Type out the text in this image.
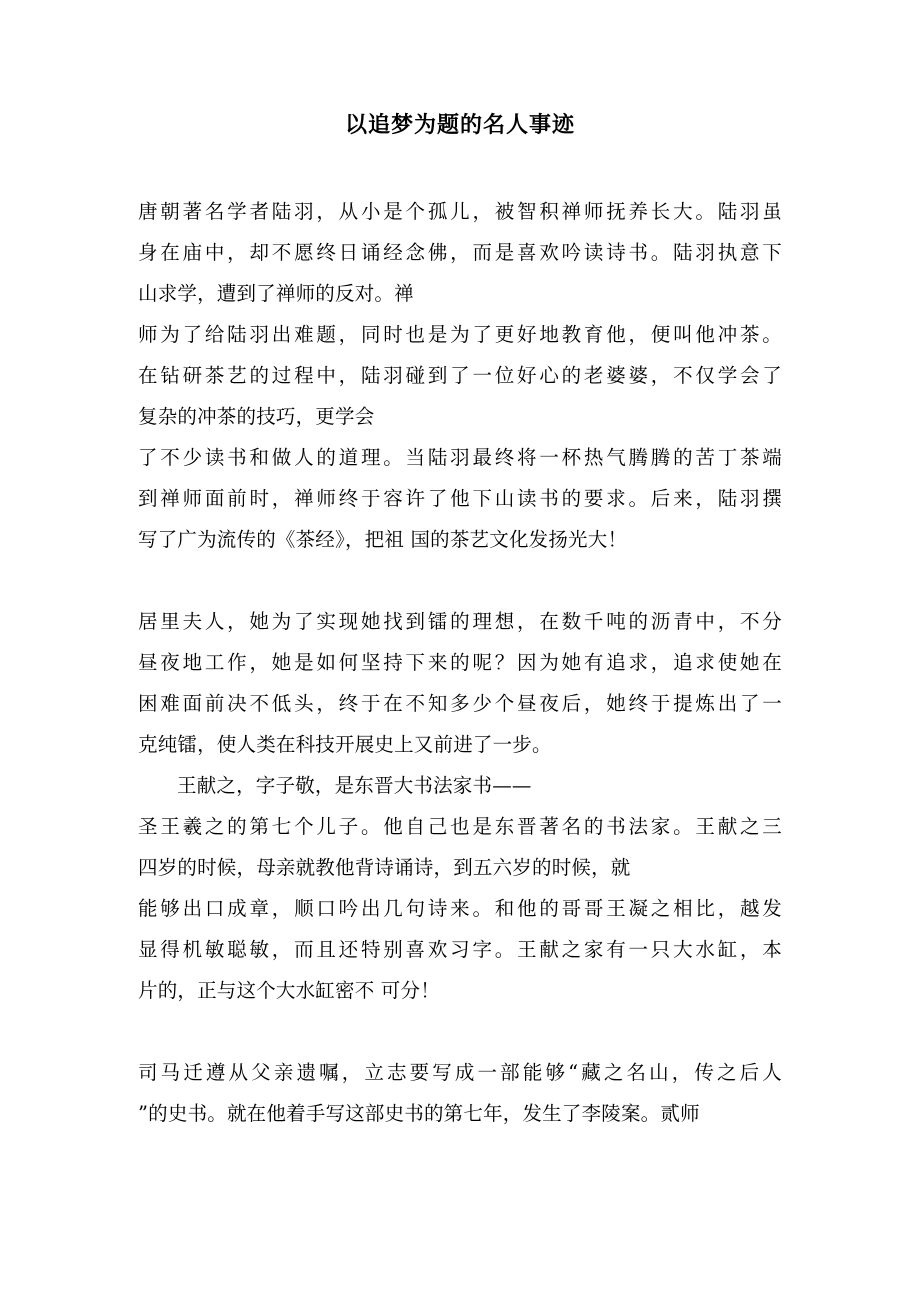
以追梦为题的名人事迹

唐朝著名学者陆羽，从小是个孤儿，被智积禅师抚养长大。陆羽虽 身在庙中，却不愿终日诵经念佛，而是喜欢吟读诗书。陆羽执意下 山求学，遭到了禅师的反对。禅
师为了给陆羽出难题，同时也是为了更好地教育他，便叫他冲茶。 在钻研茶艺的过程中，陆羽碰到了一位好心的老婆婆，不仅学会了 复杂的冲茶的技巧，更学会
了不少读书和做人的道理。当陆羽最终将一杯热气腾腾的苦丁茶端 到禅师面前时，禅师终于容许了他下山读书的要求。后来，陆羽撰 写了广为流传的《茶经》，把祖 国的茶艺文化发扬光大！

居里夫人，她为了实现她找到镭的理想，在数千吨的沥青中，不分 昼夜地工作，她是如何坚持下来的呢？因为她有追求，追求使她在 困难面前决不低头，终于在不知多少个昼夜后，她终于提炼出了一 克纯镭，使人类在科技开展史上又前进了一步。

王献之，字子敬，是东晋大书法家书——

圣王羲之的第七个儿子。他自己也是东晋著名的书法家。王献之三 四岁的时候，母亲就教他背诗诵诗，到五六岁的时候，就
能够出口成章，顺口吟出几句诗来。和他的哥哥王凝之相比，越发 显得机敏聪敏，而且还特别喜欢习字。王献之家有一只大水缸，本 片的，正与这个大水缸密不 可分！

司马迁遵从父亲遗嘱，立志要写成一部能够“藏之名山，传之后人 ”的史书。就在他着手写这部史书的第七年，发生了李陵案。贰师
